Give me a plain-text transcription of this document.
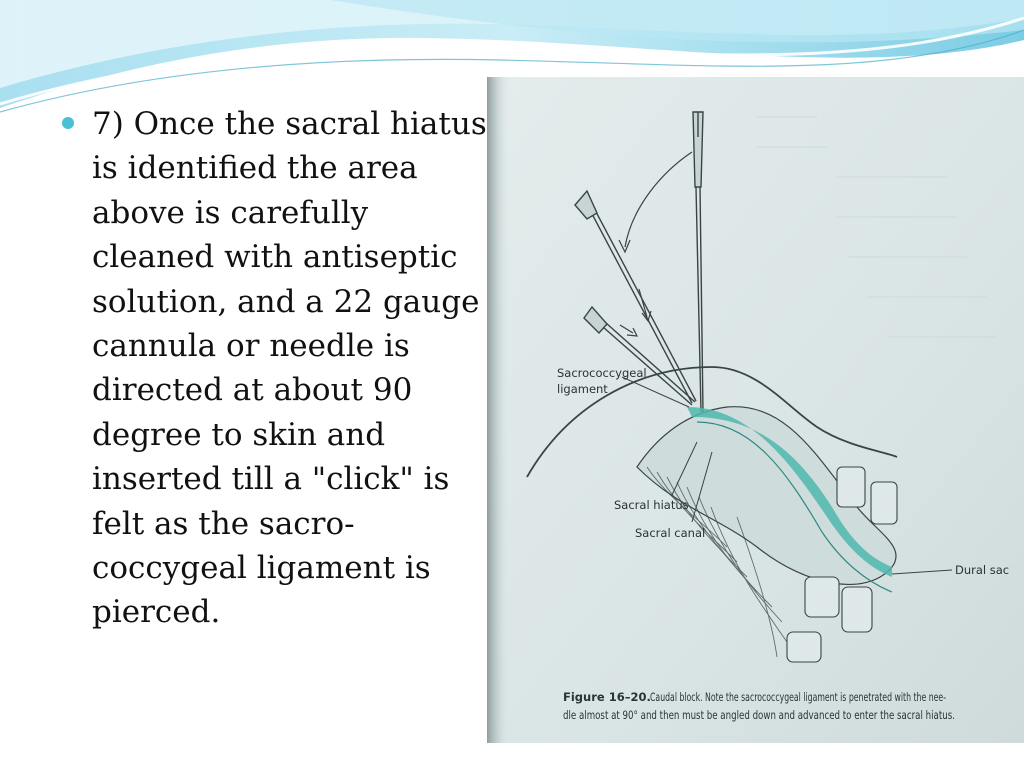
7) Once the sacral hiatus
is identified the area
above is carefully
cleaned with antiseptic
solution, and a 22 gauge
cannula or needle is
directed at about 90
degree to skin and
inserted till a "click" is
felt as the sacro-
coccygeal ligament is
pierced.

Sacrococcygeal
ligament
Sacral hiatus
Sacral canal
Dural sac
Figure 16–20. Caudal block. Note the sacrococcygeal ligament is penetrated with the nee-
dle almost at 90° and then must be angled down and advanced to enter the sacral hiatus.
